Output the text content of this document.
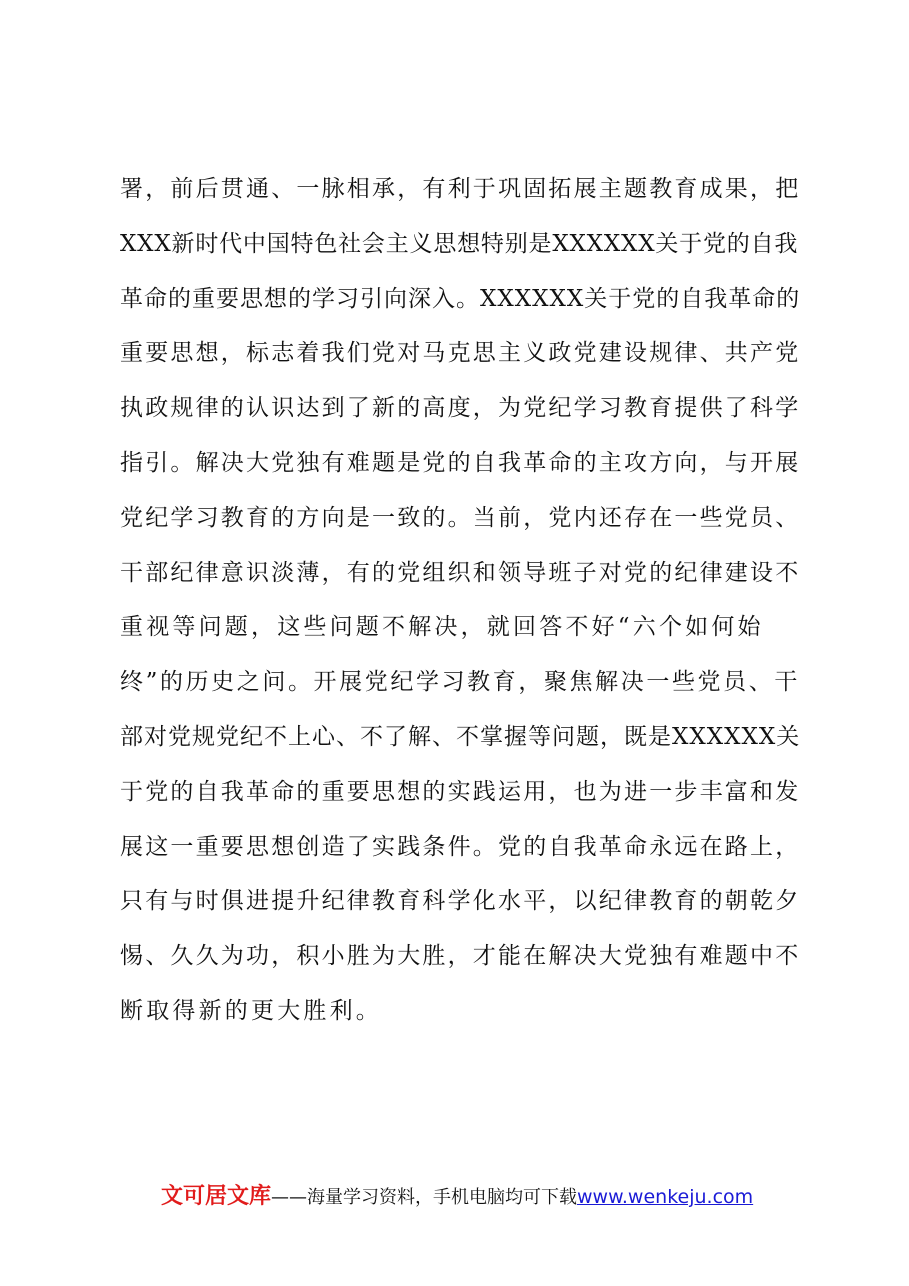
署，前后贯通、一脉相承，有利于巩固拓展主题教育成果，把
XXX新时代中国特色社会主义思想特别是XXXXXX关于党的自我
革命的重要思想的学习引向深入。XXXXXX关于党的自我革命的
重要思想，标志着我们党对马克思主义政党建设规律、共产党
执政规律的认识达到了新的高度，为党纪学习教育提供了科学
指引。解决大党独有难题是党的自我革命的主攻方向，与开展
党纪学习教育的方向是一致的。当前，党内还存在一些党员、
干部纪律意识淡薄，有的党组织和领导班子对党的纪律建设不
重视等问题，这些问题不解决，就回答不好“六个如何始
终”的历史之问。开展党纪学习教育，聚焦解决一些党员、干
部对党规党纪不上心、不了解、不掌握等问题，既是XXXXXX关
于党的自我革命的重要思想的实践运用，也为进一步丰富和发
展这一重要思想创造了实践条件。党的自我革命永远在路上，
只有与时俱进提升纪律教育科学化水平，以纪律教育的朝乾夕
惕、久久为功，积小胜为大胜，才能在解决大党独有难题中不
断取得新的更大胜利。
文可居文库——海量学习资料，手机电脑均可下载www.wenkeju.com
